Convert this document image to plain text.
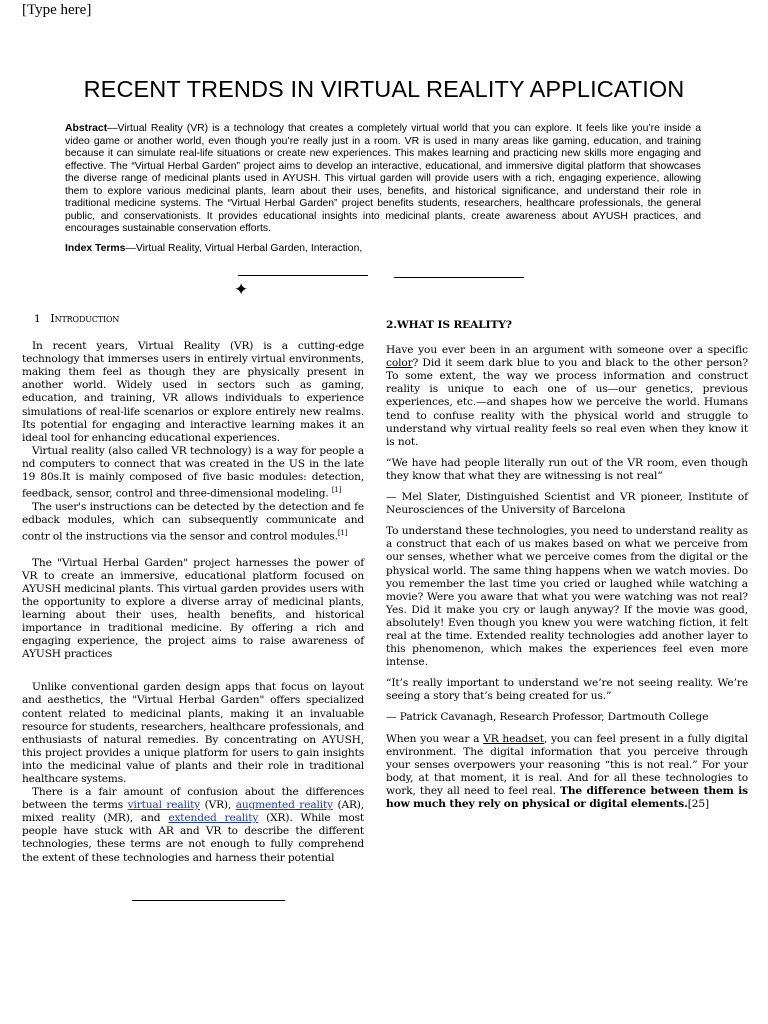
[Type here]
RECENT TRENDS IN VIRTUAL REALITY APPLICATION
Abstract—Virtual Reality (VR) is a technology that creates a completely virtual world that you can explore. It feels like you’re inside a video game or another world, even though you’re really just in a room. VR is used in many areas like gaming, education, and training because it can simulate real-life situations or create new experiences. This makes learning and practicing new skills more engaging and effective. The “Virtual Herbal Garden” project aims to develop an interactive, educational, and immersive digital platform that showcases the diverse range of medicinal plants used in AYUSH. This virtual garden will provide users with a rich, engaging experience, allowing them to explore various medicinal plants, learn about their uses, benefits, and historical significance, and understand their role in traditional medicine systems. The “Virtual Herbal Garden” project benefits students, researchers, healthcare professionals, the general public, and conservationists. It provides educational insights into medicinal plants, create awareness about AYUSH practices, and encourages sustainable conservation efforts.
Index Terms—Virtual Reality, Virtual Herbal Garden, Interaction,
✦

1 Introduction

In recent years, Virtual Reality (VR) is a cutting-edge technology that immerses users in entirely virtual environments, making them feel as though they are physically present in another world. Widely used in sectors such as gaming, education, and training, VR allows individuals to experience simulations of real-life scenarios or explore entirely new realms. Its potential for engaging and interactive learning makes it an ideal tool for enhancing educational experiences.

Virtual reality (also called VR technology) is a way for people a nd computers to connect that was created in the US in the late 19 80s.It is mainly composed of five basic modules: detection, feedback, sensor, control and three-dimensional modeling. [1]

The user's instructions can be detected by the detection and fe edback modules, which can subsequently communicate and contr ol the instructions via the sensor and control modules.[1]

The "Virtual Herbal Garden" project harnesses the power of VR to create an immersive, educational platform focused on AYUSH medicinal plants. This virtual garden provides users with the opportunity to explore a diverse array of medicinal plants, learning about their uses, health benefits, and historical importance in traditional medicine. By offering a rich and engaging experience, the project aims to raise awareness of AYUSH practices

Unlike conventional garden design apps that focus on layout and aesthetics, the "Virtual Herbal Garden" offers specialized content related to medicinal plants, making it an invaluable resource for students, researchers, healthcare professionals, and enthusiasts of natural remedies. By concentrating on AYUSH, this project provides a unique platform for users to gain insights into the medicinal value of plants and their role in traditional healthcare systems.

There is a fair amount of confusion about the differences between the terms virtual reality (VR), augmented reality (AR), mixed reality (MR), and extended reality (XR). While most people have stuck with AR and VR to describe the different technologies, these terms are not enough to fully comprehend the extent of these technologies and harness their potential

2.WHAT IS REALITY?

Have you ever been in an argument with someone over a specific color? Did it seem dark blue to you and black to the other person? To some extent, the way we process information and construct reality is unique to each one of us—our genetics, previous experiences, etc.—and shapes how we perceive the world. Humans tend to confuse reality with the physical world and struggle to understand why virtual reality feels so real even when they know it is not.

“We have had people literally run out of the VR room, even though they know that what they are witnessing is not real”

— Mel Slater, Distinguished Scientist and VR pioneer, Institute of Neurosciences of the University of Barcelona

To understand these technologies, you need to understand reality as a construct that each of us makes based on what we perceive from our senses, whether what we perceive comes from the digital or the physical world. The same thing happens when we watch movies. Do you remember the last time you cried or laughed while watching a movie? Were you aware that what you were watching was not real? Yes. Did it make you cry or laugh anyway? If the movie was good, absolutely! Even though you knew you were watching fiction, it felt real at the time. Extended reality technologies add another layer to this phenomenon, which makes the experiences feel even more intense.

“It’s really important to understand we’re not seeing reality. We’re seeing a story that’s being created for us.”

— Patrick Cavanagh, Research Professor, Dartmouth College

When you wear a VR headset, you can feel present in a fully digital environment. The digital information that you perceive through your senses overpowers your reasoning “this is not real.” For your body, at that moment, it is real. And for all these technologies to work, they all need to feel real. The difference between them is how much they rely on physical or digital elements.[25]
